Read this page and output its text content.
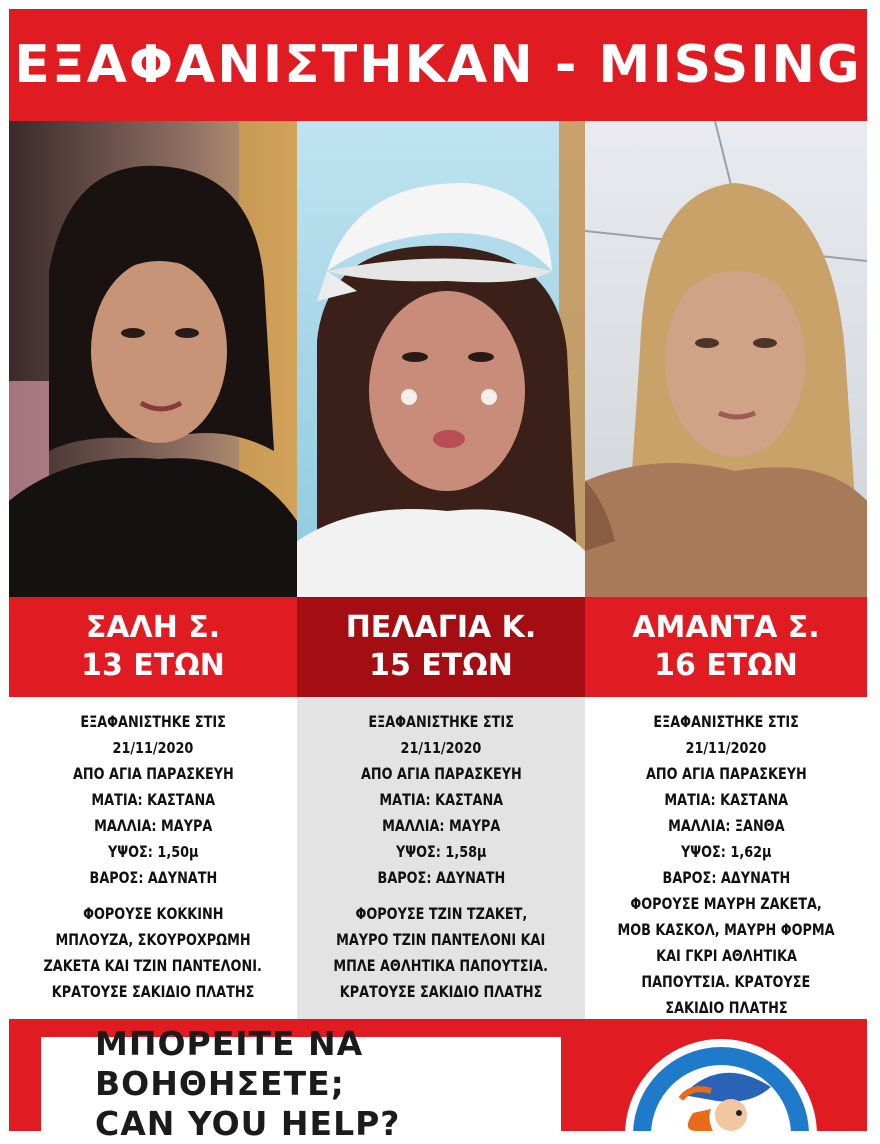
ΕΞΑΦΑΝΙΣΤΗΚΑΝ - MISSING
ΣΑΛΗ Σ.
13 ΕΤΩΝ
ΠΕΛΑΓΙΑ Κ.
15 ΕΤΩΝ
ΑΜΑΝΤΑ Σ.
16 ΕΤΩΝ
ΕΞΑΦΑΝΙΣΤΗΚΕ ΣΤΙΣ
21/11/2020
ΑΠΟ ΑΓΙΑ ΠΑΡΑΣΚΕΥΗ
ΜΑΤΙΑ: ΚΑΣΤΑΝΑ
ΜΑΛΛΙΑ: ΜΑΥΡΑ
ΥΨΟΣ: 1,50μ
ΒΑΡΟΣ: ΑΔΥΝΑΤΗ
ΦΟΡΟΥΣΕ ΚΟΚΚΙΝΗ
ΜΠΛΟΥΖΑ, ΣΚΟΥΡΟΧΡΩΜΗ
ΖΑΚΕΤΑ ΚΑΙ ΤΖΙΝ ΠΑΝΤΕΛΟΝΙ.
ΚΡΑΤΟΥΣΕ ΣΑΚΙΔΙΟ ΠΛΑΤΗΣ
ΕΞΑΦΑΝΙΣΤΗΚΕ ΣΤΙΣ
21/11/2020
ΑΠΟ ΑΓΙΑ ΠΑΡΑΣΚΕΥΗ
ΜΑΤΙΑ: ΚΑΣΤΑΝΑ
ΜΑΛΛΙΑ: ΜΑΥΡΑ
ΥΨΟΣ: 1,58μ
ΒΑΡΟΣ: ΑΔΥΝΑΤΗ
ΦΟΡΟΥΣΕ ΤΖΙΝ ΤΖΑΚΕΤ,
ΜΑΥΡΟ ΤΖΙΝ ΠΑΝΤΕΛΟΝΙ ΚΑΙ
ΜΠΛΕ ΑΘΛΗΤΙΚΑ ΠΑΠΟΥΤΣΙΑ.
ΚΡΑΤΟΥΣΕ ΣΑΚΙΔΙΟ ΠΛΑΤΗΣ
ΕΞΑΦΑΝΙΣΤΗΚΕ ΣΤΙΣ
21/11/2020
ΑΠΟ ΑΓΙΑ ΠΑΡΑΣΚΕΥΗ
ΜΑΤΙΑ: ΚΑΣΤΑΝΑ
ΜΑΛΛΙΑ: ΞΑΝΘΑ
ΥΨΟΣ: 1,62μ
ΒΑΡΟΣ: ΑΔΥΝΑΤΗ
ΦΟΡΟΥΣΕ ΜΑΥΡΗ ΖΑΚΕΤΑ,
ΜΟΒ ΚΑΣΚΟΛ, ΜΑΥΡΗ ΦΟΡΜΑ
ΚΑΙ ΓΚΡΙ ΑΘΛΗΤΙΚΑ
ΠΑΠΟΥΤΣΙΑ. ΚΡΑΤΟΥΣΕ
ΣΑΚΙΔΙΟ ΠΛΑΤΗΣ
ΜΠΟΡΕΙΤΕ ΝΑ ΒΟΗΘΗΣΕΤΕ;
CAN YOU HELP?
